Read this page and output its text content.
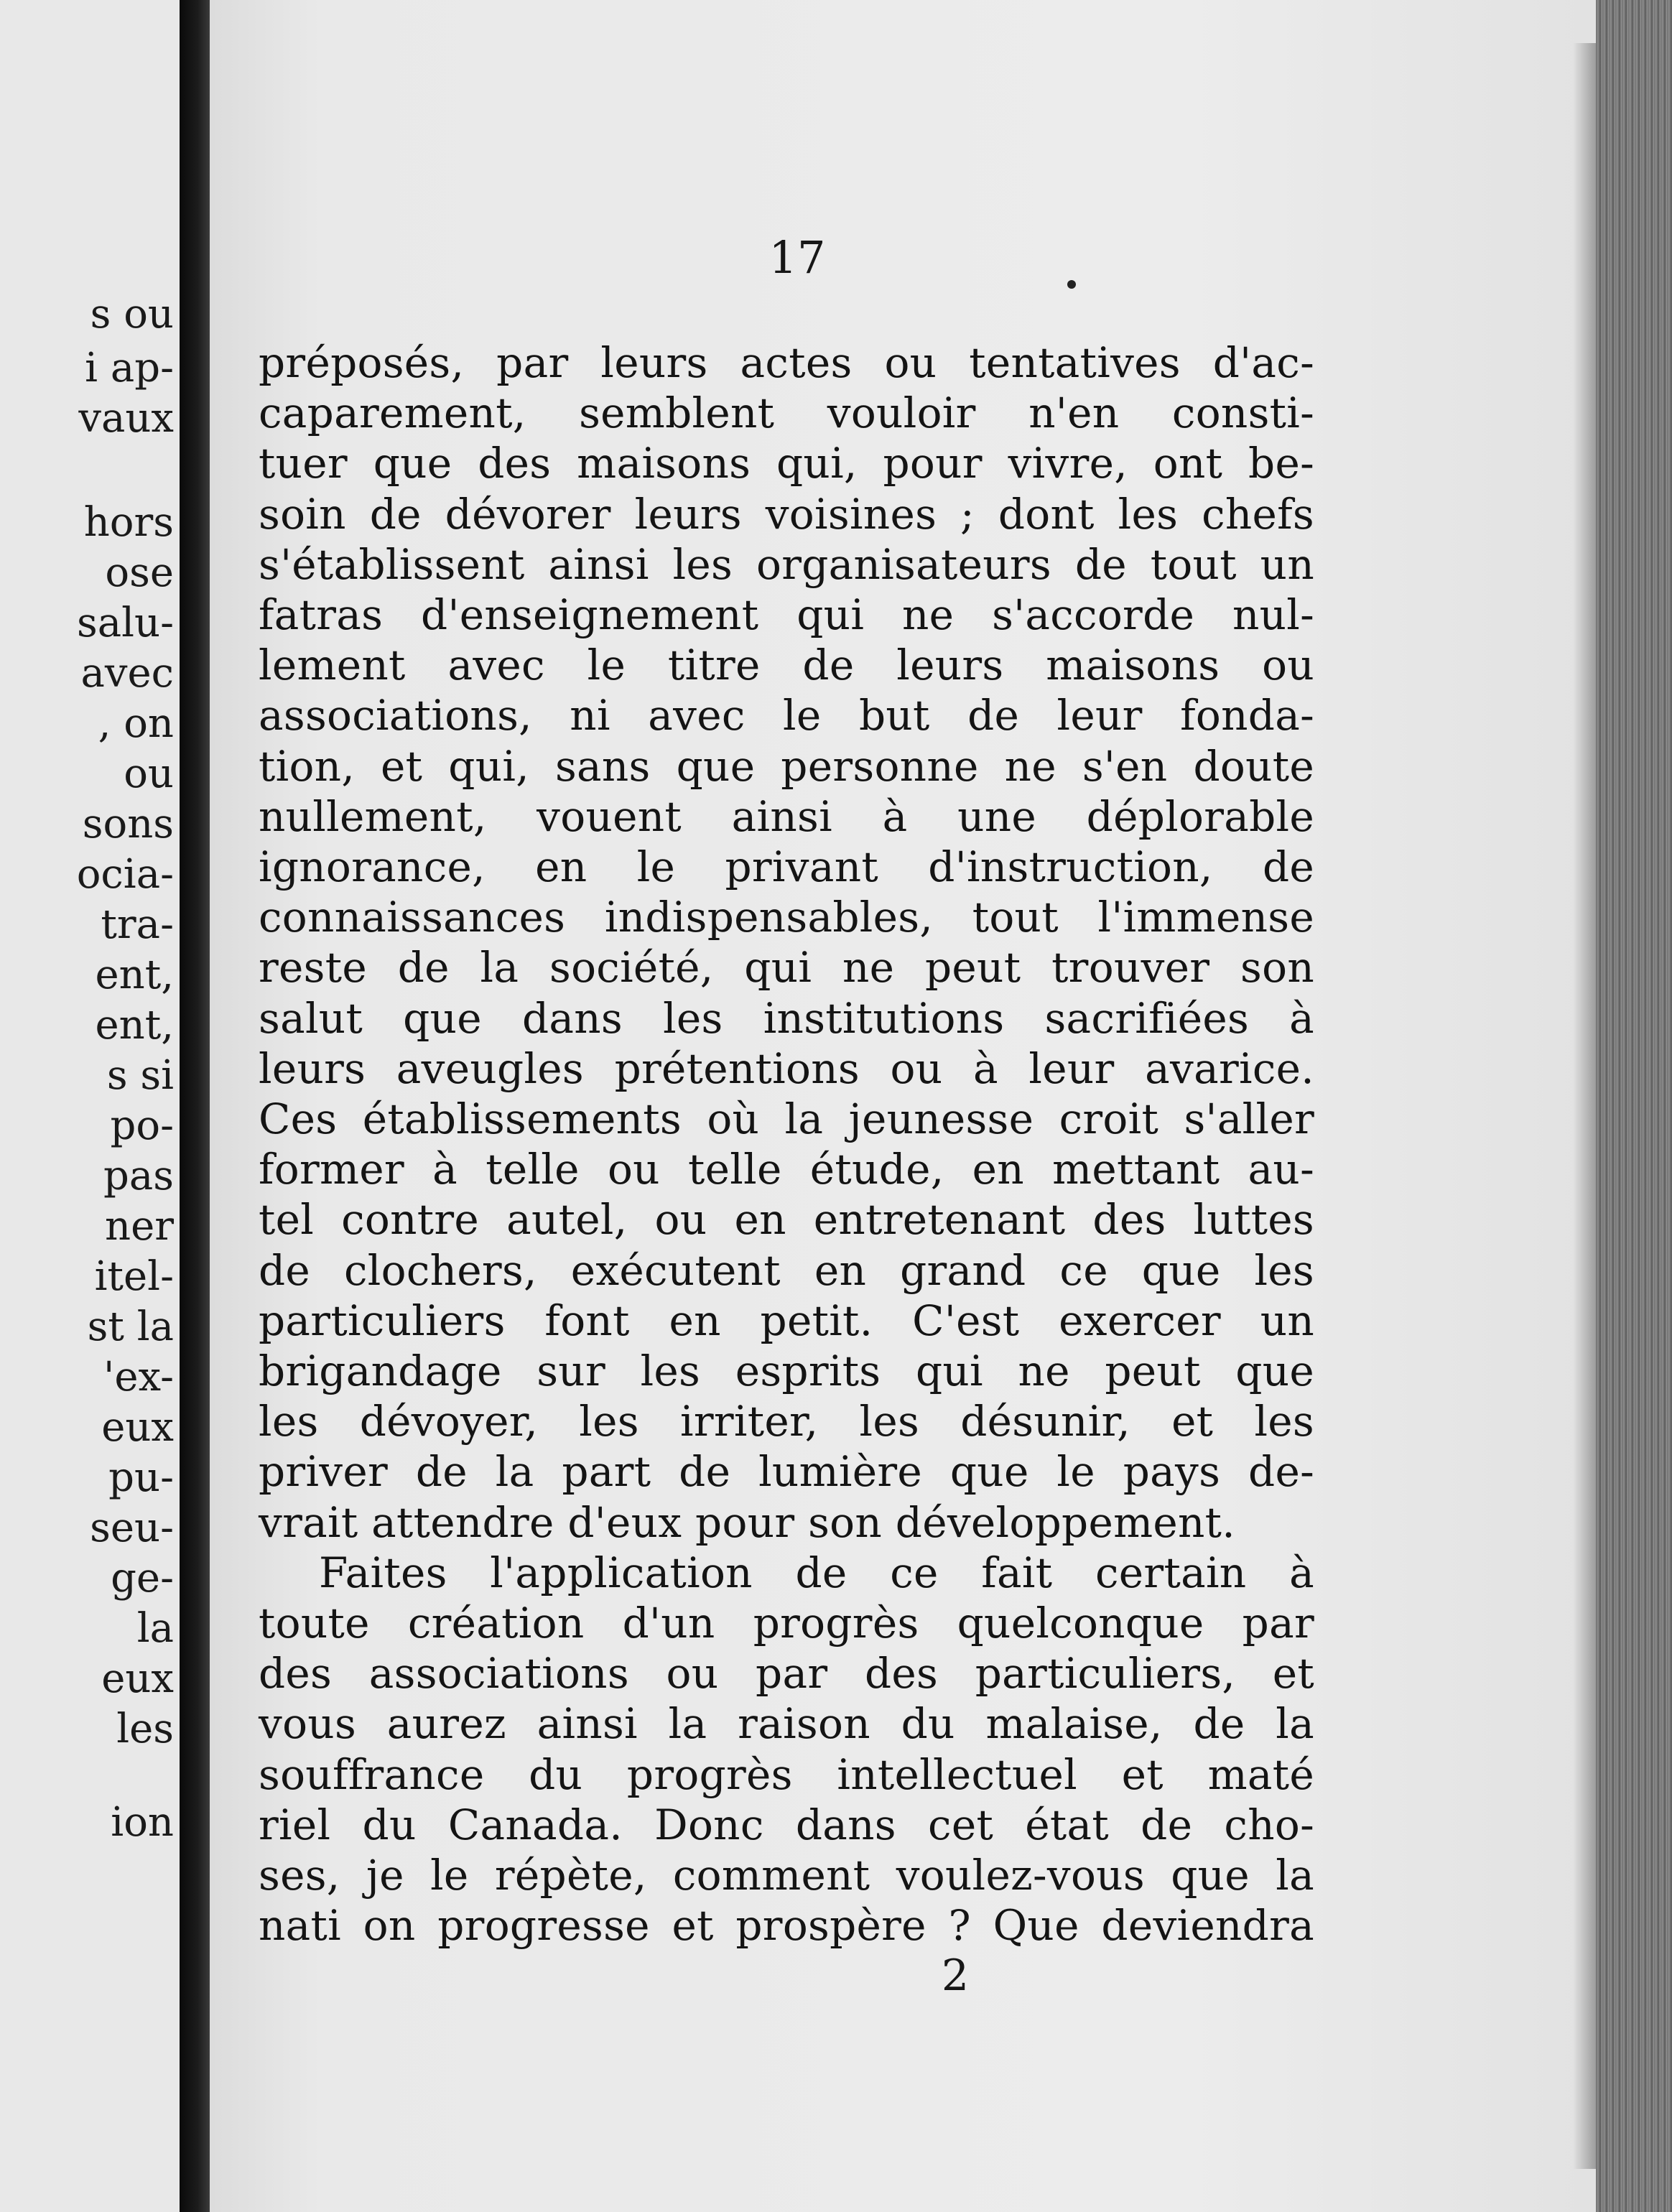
s ou
i ap-
vaux
hors
ose
salu-
avec
, on
ou
sons
ocia-
tra-
ent,
ent,
s si
po-
pas
ner
itel-
st la
'ex-
eux
pu-
seu-
ge-
la
eux
les
ion
17
préposés, par leurs actes ou tentatives d'ac-
caparement, semblent vouloir n'en consti-
tuer que des maisons qui, pour vivre, ont be-
soin de dévorer leurs voisines ; dont les chefs
s'établissent ainsi les organisateurs de tout un
fatras d'enseignement qui ne s'accorde nul-
lement avec le titre de leurs maisons ou
associations, ni avec le but de leur fonda-
tion, et qui, sans que personne ne s'en doute
nullement, vouent ainsi à une déplorable
ignorance, en le privant d'instruction, de
connaissances indispensables, tout l'immense
reste de la société, qui ne peut trouver son
salut que dans les institutions sacrifiées à
leurs aveugles prétentions ou à leur avarice.
Ces établissements où la jeunesse croit s'aller
former à telle ou telle étude, en mettant au-
tel contre autel, ou en entretenant des luttes
de clochers, exécutent en grand ce que les
particuliers font en petit. C'est exercer un
brigandage sur les esprits qui ne peut que
les dévoyer, les irriter, les désunir, et les
priver de la part de lumière que le pays de-
vrait attendre d'eux pour son développement.
Faites l'application de ce fait certain à
toute création d'un progrès quelconque par
des associations ou par des particuliers, et
vous aurez ainsi la raison du malaise, de la
souffrance du progrès intellectuel et maté
riel du Canada. Donc dans cet état de cho-
ses, je le répète, comment voulez-vous que la
nati on progresse et prospère ? Que deviendra
2
